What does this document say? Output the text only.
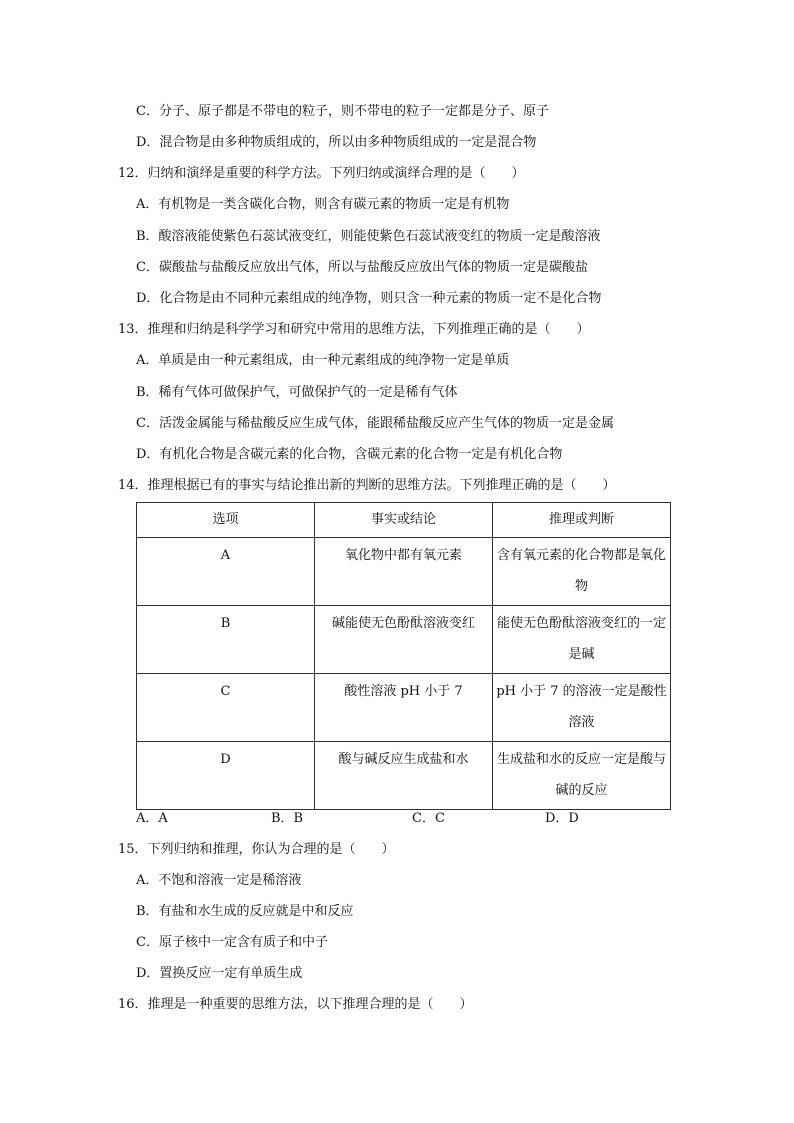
C．分子、原子都是不带电的粒子，则不带电的粒子一定都是分子、原子
D．混合物是由多种物质组成的，所以由多种物质组成的一定是混合物
12．归纳和演绎是重要的科学方法。下列归纳或演绎合理的是（　　）
A．有机物是一类含碳化合物，则含有碳元素的物质一定是有机物
B．酸溶液能使紫色石蕊试液变红，则能使紫色石蕊试液变红的物质一定是酸溶液
C．碳酸盐与盐酸反应放出气体，所以与盐酸反应放出气体的物质一定是碳酸盐
D．化合物是由不同种元素组成的纯净物，则只含一种元素的物质一定不是化合物
13．推理和归纳是科学学习和研究中常用的思维方法，下列推理正确的是（　　）
A．单质是由一种元素组成，由一种元素组成的纯净物一定是单质
B．稀有气体可做保护气，可做保护气的一定是稀有气体
C．活泼金属能与稀盐酸反应生成气体，能跟稀盐酸反应产生气体的物质一定是金属
D．有机化合物是含碳元素的化合物，含碳元素的化合物一定是有机化合物
14．推理根据已有的事实与结论推出新的判断的思维方法。下列推理正确的是（　　）
选项	事实或结论	推理或判断
A	氧化物中都有氧元素	含有氧元素的化合物都是氧化物
B	碱能使无色酚酞溶液变红	能使无色酚酞溶液变红的一定是碱
C	酸性溶液 pH 小于 7	pH 小于 7 的溶液一定是酸性溶液
D	酸与碱反应生成盐和水	生成盐和水的反应一定是酸与碱的反应
A．A	B．B	C．C	D．D
15．下列归纳和推理，你认为合理的是（　　）
A．不饱和溶液一定是稀溶液
B．有盐和水生成的反应就是中和反应
C．原子核中一定含有质子和中子
D．置换反应一定有单质生成
16．推理是一种重要的思维方法，以下推理合理的是（　　）
